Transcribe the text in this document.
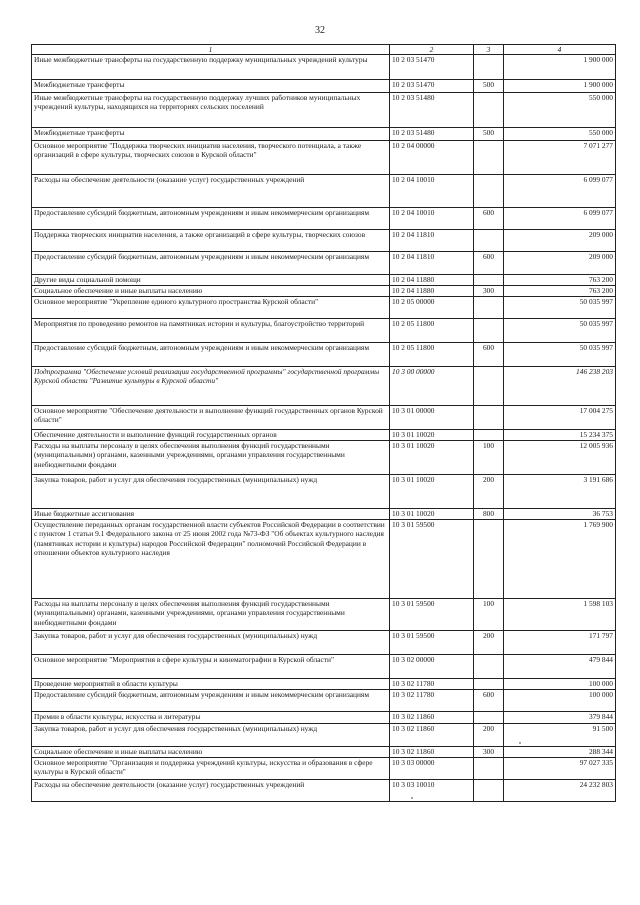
32
1	2	3	4
Иные межбюджетные трансферты на государственную поддержку муниципальных учреждений культуры	10 2 03 51470		1 900 000
Межбюджетные трансферты	10 2 03 51470	500	1 900 000
Иные межбюджетные трансферты на государственную поддержку лучших работников муниципальных учреждений культуры, находящихся на территориях сельских поселений	10 2 03 51480		550 000
Межбюджетные трансферты	10 2 03 51480	500	550 000
Основное мероприятие "Поддержка творческих инициатив населения, творческого потенциала, а также организаций в сфере культуры, творческих союзов в Курской области"	10 2 04 00000		7 071 277
Расходы на обеспечение деятельности (оказание услуг) государственных учреждений	10 2 04 10010		6 099 077
Предоставление субсидий бюджетным, автономным учреждениям и иным некоммерческим организациям	10 2 04 10010	600	6 099 077
Поддержка творческих инициатив населения, а также организаций в сфере культуры, творческих союзов	10 2 04 11810		209 000
Предоставление субсидий бюджетным, автономным учреждениям и иным некоммерческим организациям	10 2 04 11810	600	209 000
Другие виды социальной помощи	10 2 04 11880		763 200
Социальное обеспечение и иные выплаты населению	10 2 04 11880	300	763 200
Основное мероприятие "Укрепление единого культурного пространства Курской области"	10 2 05 00000		50 035 997
Мероприятия по проведению ремонтов на памятниках истории и культуры, благоустройство территорий	10 2 05 11800		50 035 997
Предоставление субсидий бюджетным, автономным учреждениям и иным некоммерческим организациям	10 2 05 11800	600	50 035 997
Подпрограмма "Обеспечение условий реализации государственной программы" государственной программы Курской области "Развитие культуры в Курской области"	10 3 00 00000		146 238 203
Основное мероприятие "Обеспечение деятельности и выполнение функций государственных органов Курской области"	10 3 01 00000		17 004 275
Обеспечение деятельности и выполнение функций государственных органов	10 3 01 10020		15 234 375
Расходы на выплаты персоналу в целях обеспечения выполнения функций государственными (муниципальными) органами, казенными учреждениями, органами управления государственными внебюджетными фондами	10 3 01 10020	100	12 005 936
Закупка товаров, работ и услуг для обеспечения государственных (муниципальных) нужд	10 3 01 10020	200	3 191 686
Иные бюджетные ассигнования	10 3 01 10020	800	36 753
Осуществление переданных органам государственной власти субъектов Российской Федерации в соответствии с пунктом 1 статьи 9.1 Федерального закона от 25 июня 2002 года №73-ФЗ "Об объектах культурного наследия (памятниках истории и культуры) народов Российской Федерации" полномочий Российской Федерации в отношении объектов культурного наследия	10 3 01 59500		1 769 900
Расходы на выплаты персоналу в целях обеспечения выполнения функций государственными (муниципальными) органами, казенными учреждениями, органами управления государственными внебюджетными фондами	10 3 01 59500	100	1 598 103
Закупка товаров, работ и услуг для обеспечения государственных (муниципальных) нужд	10 3 01 59500	200	171 797
Основное мероприятие "Мероприятия в сфере культуры и кинематографии в Курской области"	10 3 02 00000		479 844
Проведение мероприятий в области культуры	10 3 02 11780		100 000
Предоставление субсидий бюджетным, автономным учреждениям и иным некоммерческим организациям	10 3 02 11780	600	100 000
Премии в области культуры, искусства и литературы	10 3 02 11860		379 844
Закупка товаров, работ и услуг для обеспечения государственных (муниципальных) нужд	10 3 02 11860	200	91 500
Социальное обеспечение и иные выплаты населению	10 3 02 11860	300	288 344
Основное мероприятие "Организация и поддержка учреждений культуры, искусства и образования в сфере культуры в Курской области"	10 3 03 00000		97 027 335
Расходы на обеспечение деятельности (оказание услуг) государственных учреждений	10 3 03 10010		24 232 803
